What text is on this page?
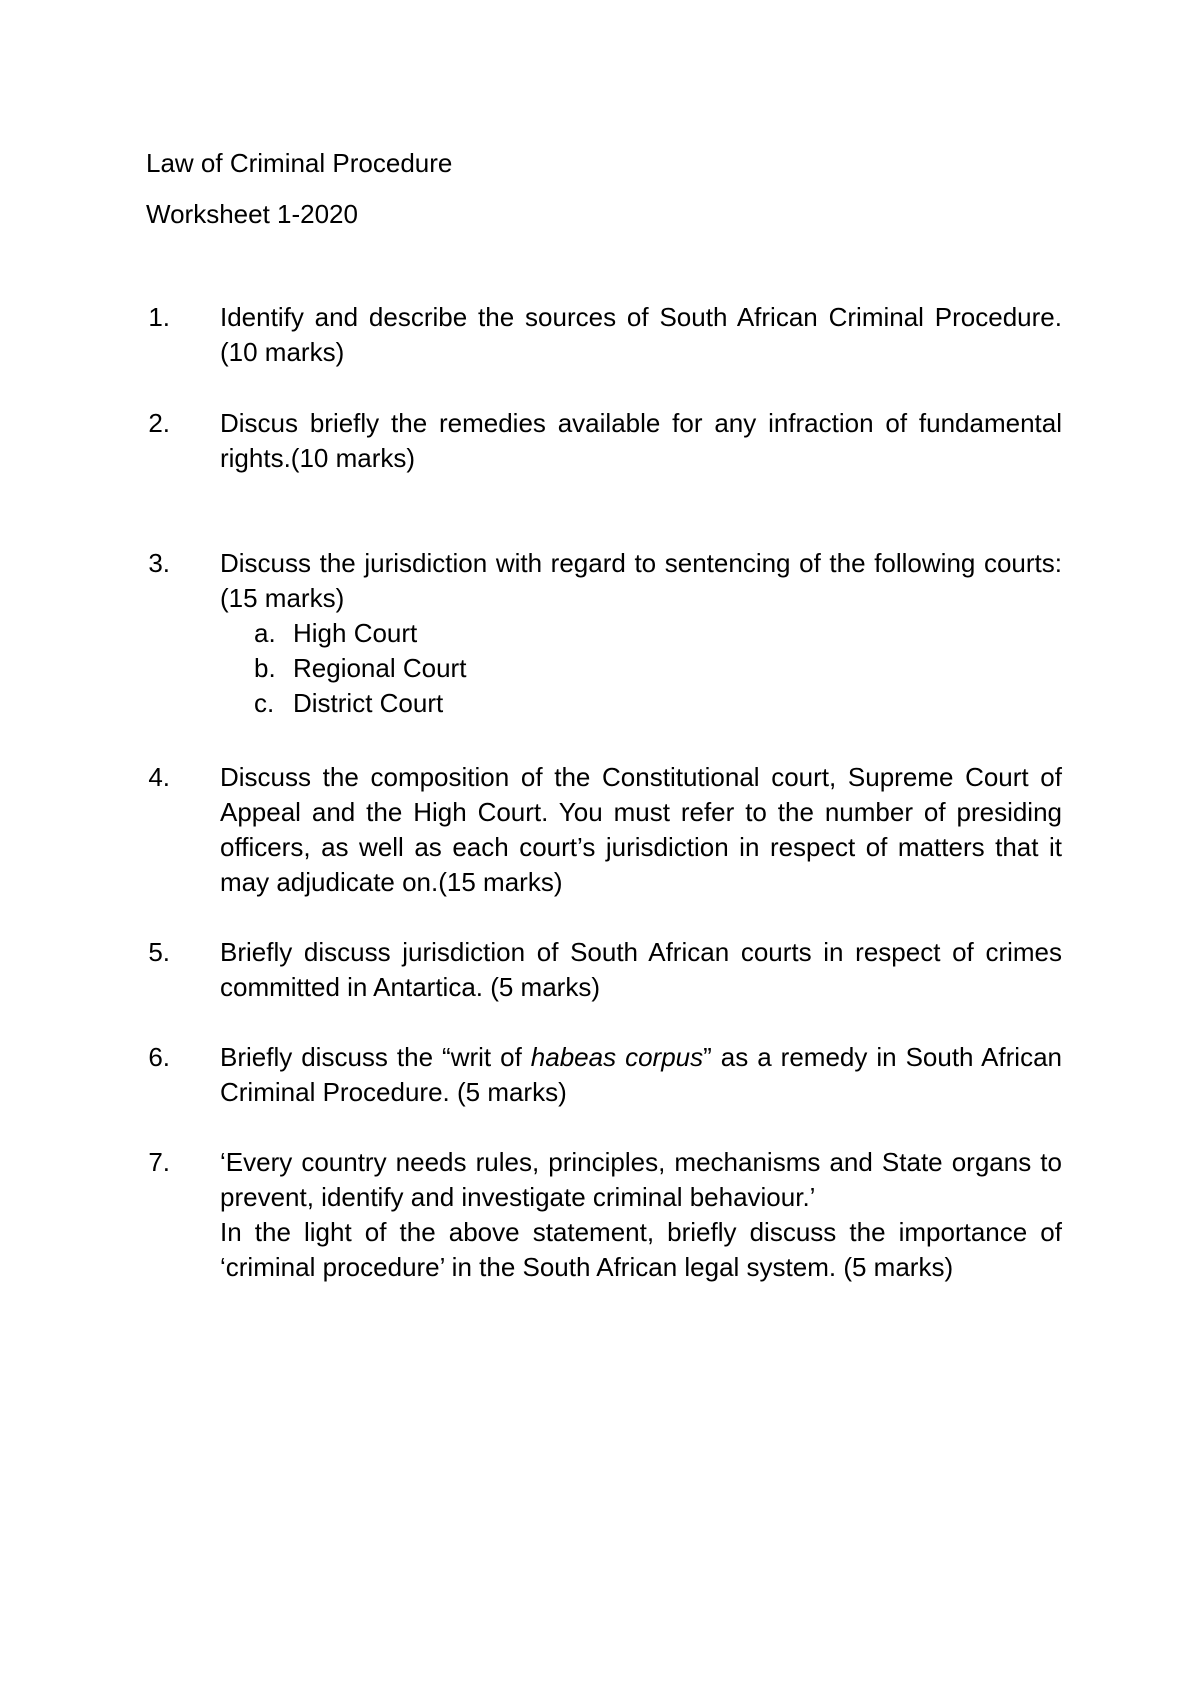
Law of Criminal Procedure
Worksheet 1-2020
1. Identify and describe the sources of South African Criminal Procedure. (10 marks)

2. Discus briefly the remedies available for any infraction of fundamental rights.(10 marks)

3. Discuss the jurisdiction with regard to sentencing of the following courts: (15 marks)

a. High Court
b. Regional Court
c. District Court
4. Discuss the composition of the Constitutional court, Supreme Court of Appeal and the High Court. You must refer to the number of presiding officers, as well as each court’s jurisdiction in respect of matters that it may adjudicate on.(15 marks)

5. Briefly discuss jurisdiction of South African courts in respect of crimes committed in Antartica. (5 marks)

6. Briefly discuss the “writ of habeas corpus” as a remedy in South African Criminal Procedure. (5 marks)

7. ‘Every country needs rules, principles, mechanisms and State organs to prevent, identify and investigate criminal behaviour.’

In the light of the above statement, briefly discuss the importance of ‘criminal procedure’ in the South African legal system. (5 marks)
